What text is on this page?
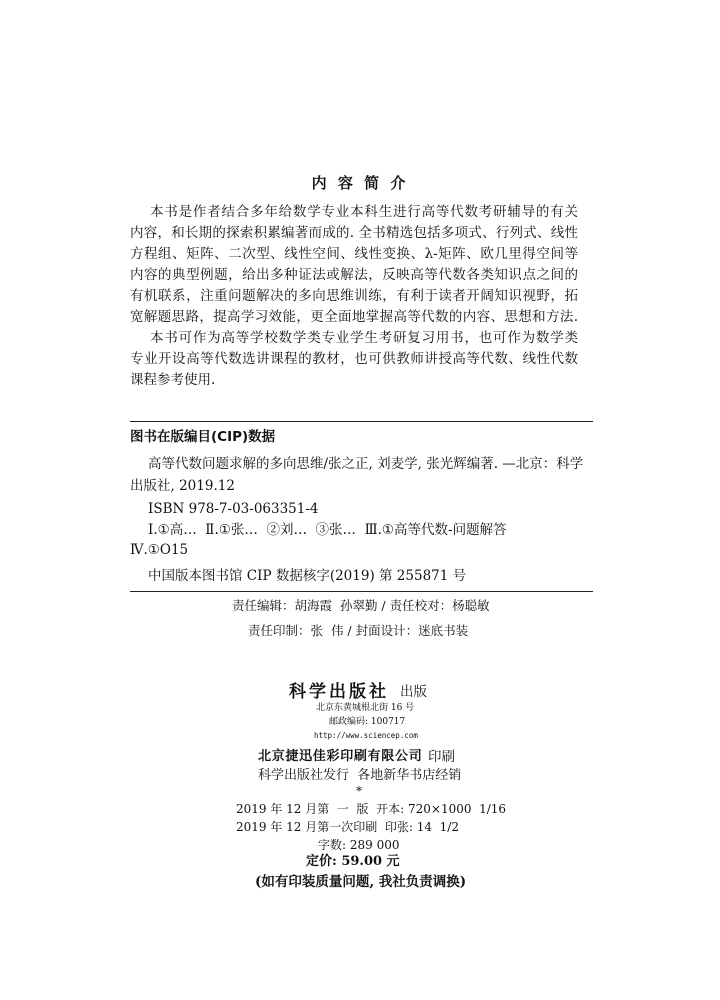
内 容 简 介
本书是作者结合多年给数学专业本科生进行高等代数考研辅导的有关
内容，和长期的探索积累编著而成的. 全书精选包括多项式、行列式、线性
方程组、矩阵、二次型、线性空间、线性变换、λ-矩阵、欧几里得空间等
内容的典型例题，给出多种证法或解法，反映高等代数各类知识点之间的
有机联系，注重问题解决的多向思维训练，有利于读者开阔知识视野，拓
宽解题思路，提高学习效能，更全面地掌握高等代数的内容、思想和方法.
本书可作为高等学校数学类专业学生考研复习用书，也可作为数学类
专业开设高等代数选讲课程的教材，也可供教师讲授高等代数、线性代数
课程参考使用.
图书在版编目(CIP)数据
高等代数问题求解的多向思维/张之正, 刘麦学, 张光辉编著. —北京：科学
出版社, 2019.12
ISBN 978-7-03-063351-4
Ⅰ.①高…  Ⅱ.①张…  ②刘…  ③张…  Ⅲ.①高等代数-问题解答
Ⅳ.①O15
中国版本图书馆 CIP 数据核字(2019) 第 255871 号
责任编辑：胡海霞  孙翠勤 / 责任校对：杨聪敏
责任印制：张  伟 / 封面设计：迷底书装
科学出版社 出版
北京东黄城根北街 16 号
邮政编码: 100717
http://www.sciencep.com
北京捷迅佳彩印刷有限公司 印刷
科学出版社发行  各地新华书店经销
*
2019 年 12 月第  一  版  开本: 720×1000  1/16
2019 年 12 月第一次印刷  印张: 14  1/2
字数: 289 000
定价: 59.00 元
(如有印装质量问题, 我社负责调换)
